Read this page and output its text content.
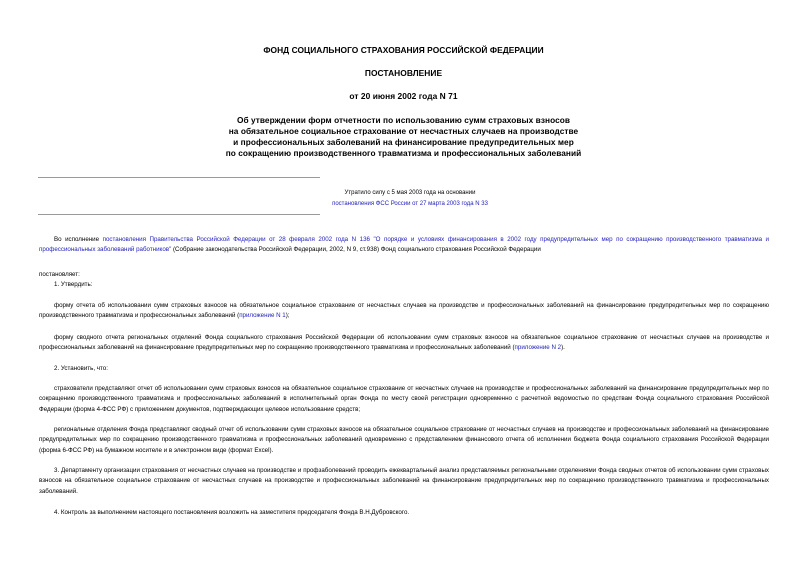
ФОНД СОЦИАЛЬНОГО СТРАХОВАНИЯ РОССИЙСКОЙ ФЕДЕРАЦИИ
ПОСТАНОВЛЕНИЕ
от 20 июня 2002 года N 71
Об утверждении форм отчетности по использованию сумм страховых взносов
на обязательное социальное страхование от несчастных случаев на производстве
и профессиональных заболеваний на финансирование предупредительных мер
по сокращению производственного травматизма и профессиональных заболеваний
Утратило силу с 5 мая 2003 года на основании
постановления ФСС России от 27 марта 2003 года N 33
Во исполнение постановления Правительства Российской Федерации от 28 февраля 2002 года N 136 "О порядке и условиях финансирования в 2002 году предупредительных мер по сокращению производственного травматизма и профессиональных заболеваний работников" (Собрание законодательства Российской Федерации, 2002, N 9, ст.938) Фонд социального страхования Российской Федерации
постановляет:
1. Утвердить:
форму отчета об использовании сумм страховых взносов на обязательное социальное страхование от несчастных случаев на производстве и профессиональных заболеваний на финансирование предупредительных мер по сокращению производственного травматизма и профессиональных заболеваний (приложение N 1);
форму сводного отчета региональных отделений Фонда социального страхования Российской Федерации об использовании сумм страховых взносов на обязательное социальное страхование от несчастных случаев на производстве и профессиональных заболеваний на финансирование предупредительных мер по сокращению производственного травматизма и профессиональных заболеваний (приложение N 2).
2. Установить, что:
страхователи представляют отчет об использовании сумм страховых взносов на обязательное социальное страхование от несчастных случаев на производстве и профессиональных заболеваний на финансирование предупредительных мер по сокращению производственного травматизма и профессиональных заболеваний в исполнительный орган Фонда по месту своей регистрации одновременно с расчетной ведомостью по средствам Фонда социального страхования Российской Федерации (форма 4-ФСС РФ) с приложением документов, подтверждающих целевое использование средств;
региональные отделения Фонда представляют сводный отчет об использовании сумм страховых взносов на обязательное социальное страхование от несчастных случаев на производстве и профессиональных заболеваний на финансирование предупредительных мер по сокращению производственного травматизма и профессиональных заболеваний одновременно с представлением финансового отчета об исполнении бюджета Фонда социального страхования Российской Федерации (форма 6-ФСС РФ) на бумажном носителе и в электронном виде (формат Excel).
3. Департаменту организации страхования от несчастных случаев на производстве и профзаболеваний проводить ежеквартальный анализ представляемых региональными отделениями Фонда сводных отчетов об использовании сумм страховых взносов на обязательное социальное страхование от несчастных случаев на производстве и профессиональных заболеваний на финансирование предупредительных мер по сокращению производственного травматизма и профессиональных заболеваний.
4. Контроль за выполнением настоящего постановления возложить на заместителя председателя Фонда В.Н.Дубровского.
